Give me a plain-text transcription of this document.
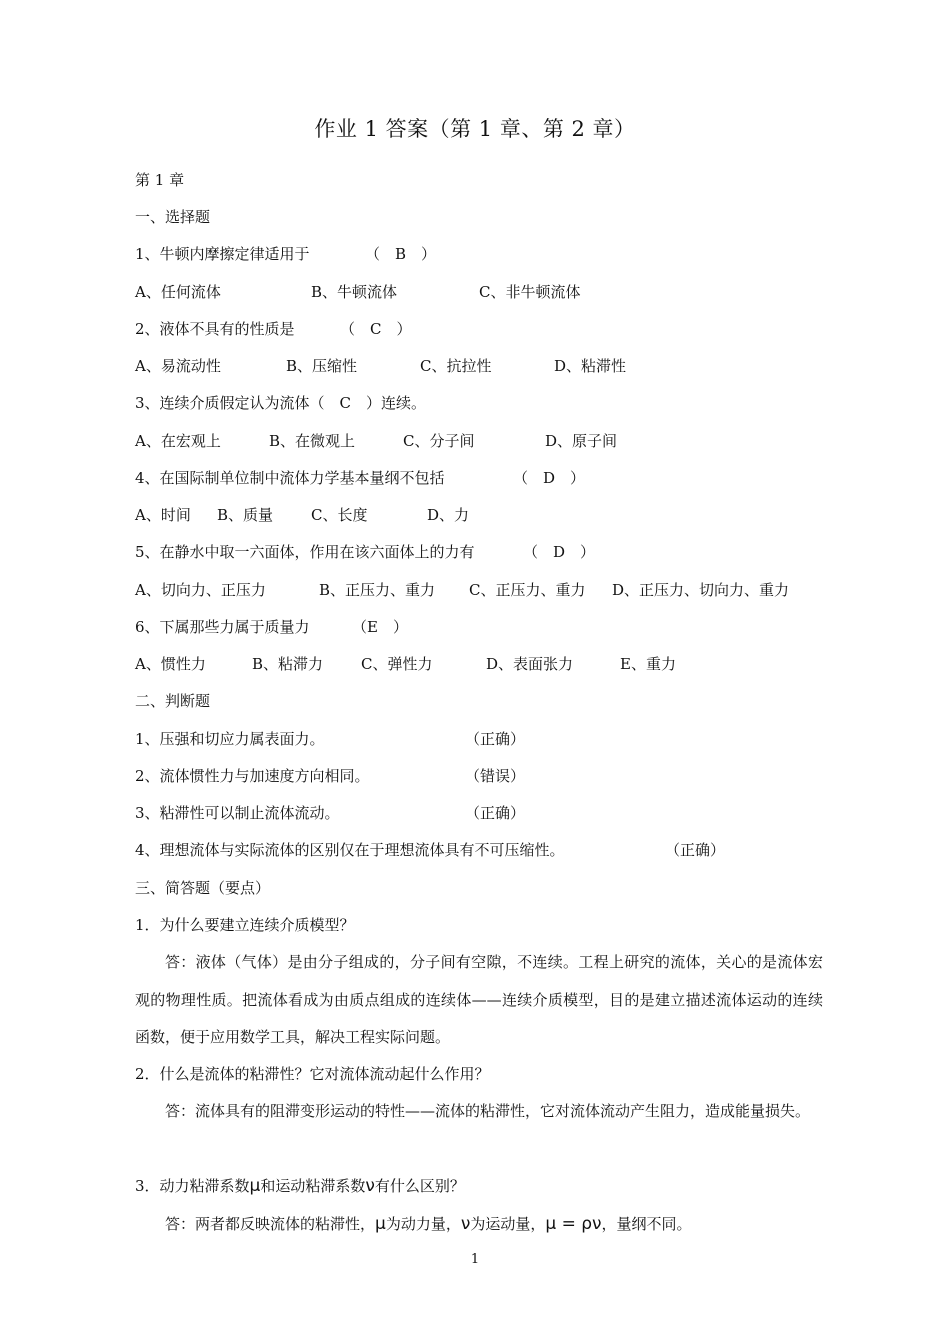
作业 1 答案（第 1 章、第 2 章）
第 1 章
一、选择题

1、牛顿内摩擦定律适用于

	（　B　）

A、任何流体

	B、牛顿流体

	C、非牛顿流体

2、液体不具有的性质是

	（　C　）

A、易流动性

	B、压缩性

	C、抗拉性

	D、粘滞性

3、连续介质假定认为流体（　C　）连续。

A、在宏观上

	B、在微观上

	C、分子间

	D、原子间

4、在国际制单位制中流体力学基本量纲不包括

	（　D　）

A、时间

B、质量

	C、长度

	D、力

5、在静水中取一六面体，作用在该六面体上的力有

	（　D　）

A、切向力、正压力

	B、正压力、重力

C、正压力、重力

D、正压力、切向力、重力

6、下属那些力属于质量力

	（E　）

A、惯性力

	B、粘滞力

	C、弹性力

	D、表面张力

	E、重力

二、判断题

1、压强和切应力属表面力。

	（正确）

2、流体惯性力与加速度方向相同。

	（错误）

3、粘滞性可以制止流体流动。

	（正确）

4、理想流体与实际流体的区别仅在于理想流体具有不可压缩性。

	（正确）

三、简答题（要点）
1．为什么要建立连续介质模型？

答：液体（气体）是由分子组成的，分子间有空隙，不连续。工程上研究的流体，关心的是流体宏观的物理性质。把流体看成为由质点组成的连续体——连续介质模型，目的是建立描述流体运动的连续函数，便于应用数学工具，解决工程实际问题。

2．什么是流体的粘滞性？它对流体流动起什么作用？

答：流体具有的阻滞变形运动的特性——流体的粘滞性，它对流体流动产生阻力，造成能量损失。

3．动力粘滞系数μ和运动粘滞系数ν有什么区别？
答：两者都反映流体的粘滞性，μ为动力量，ν为运动量，μ = ρν，量纲不同。
1
